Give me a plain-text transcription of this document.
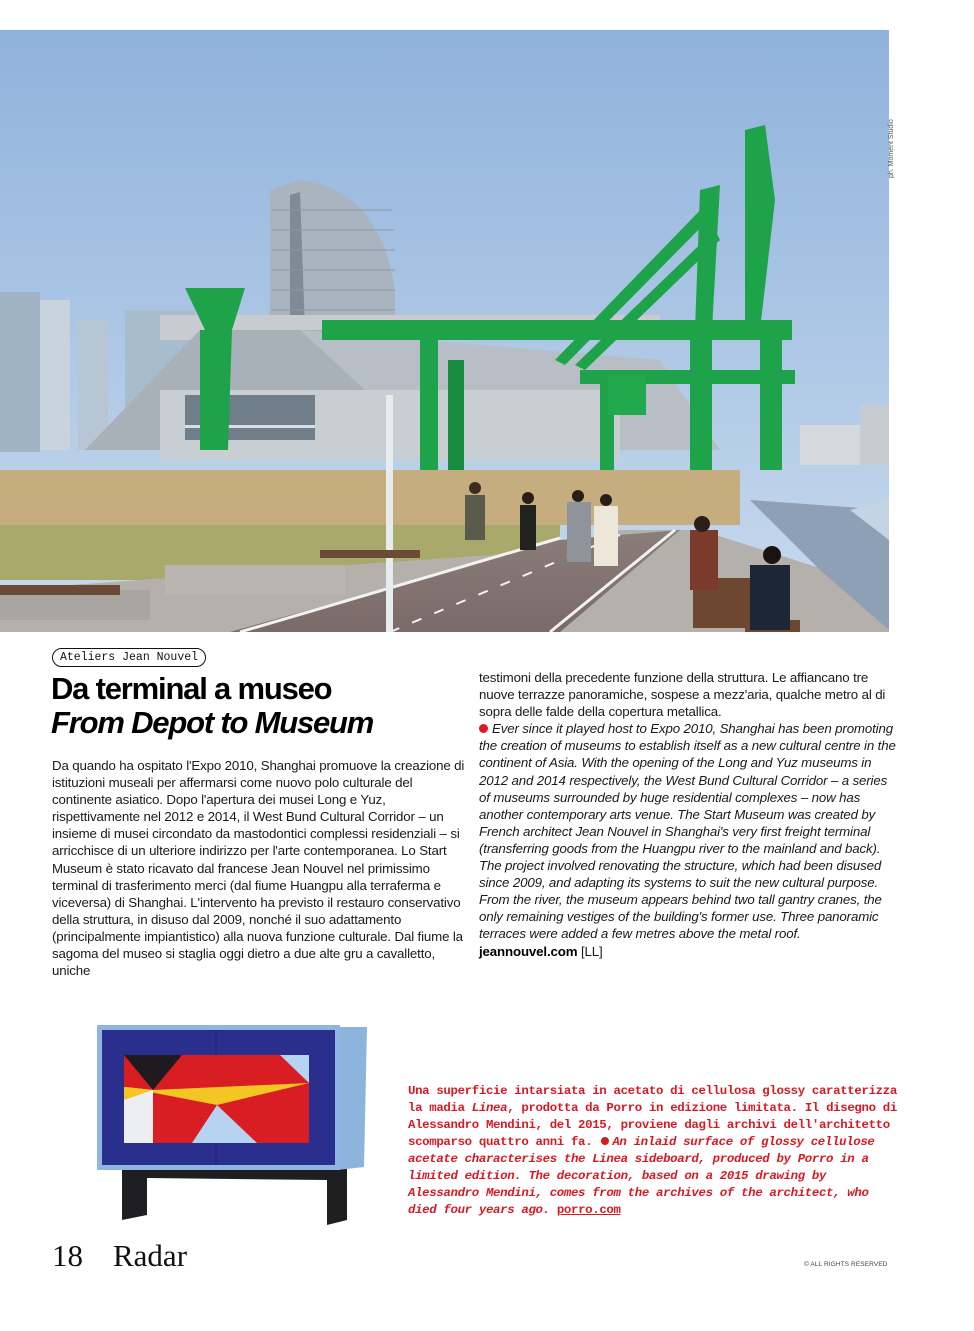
ph. Moment Studio
Ateliers Jean Nouvel
Da terminal a museo
From Depot to Museum

Da quando ha ospitato l'Expo 2010, Shanghai promuove la creazione di istituzioni museali per affermarsi come nuovo polo culturale del continente asiatico. Dopo l'apertura dei musei Long e Yuz, rispettivamente nel 2012 e 2014, il West Bund Cultural Corridor – un insieme di musei circondato da mastodontici complessi residenziali – si arricchisce di un ulteriore indirizzo per l'arte contemporanea. Lo Start Museum è stato ricavato dal francese Jean Nouvel nel primissimo terminal di trasferimento merci (dal fiume Huangpu alla terraferma e viceversa) di Shanghai. L'intervento ha previsto il restauro conservativo della struttura, in disuso dal 2009, nonché il suo adattamento (principalmente impiantistico) alla nuova funzione culturale. Dal fiume la sagoma del museo si staglia oggi dietro a due alte gru a cavalletto, uniche

testimoni della precedente funzione della struttura. Le affiancano tre nuove terrazze panoramiche, sospese a mezz'aria, qualche metro al di sopra delle falde della copertura metallica.

Ever since it played host to Expo 2010, Shanghai has been promoting the creation of museums to establish itself as a new cultural centre in the continent of Asia. With the opening of the Long and Yuz museums in 2012 and 2014 respectively, the West Bund Cultural Corridor – a series of museums surrounded by huge residential complexes – now has another contemporary arts venue. The Start Museum was created by French architect Jean Nouvel in Shanghai's very first freight terminal (transferring goods from the Huangpu river to the mainland and back). The project involved renovating the structure, which had been disused since 2009, and adapting its systems to suit the new cultural purpose. From the river, the museum appears behind two tall gantry cranes, the only remaining vestiges of the building's former use. Three panoramic terraces were added a few metres above the metal roof. jeannouvel.com [LL]

Una superficie intarsiata in acetato di cellulosa glossy caratterizza la madia Linea, prodotta da Porro in edizione limitata. Il disegno di Alessandro Mendini, del 2015, proviene dagli archivi dell'architetto scomparso quattro anni fa. An inlaid surface of glossy cellulose acetate characterises the Linea sideboard, produced by Porro in a limited edition. The decoration, based on a 2015 drawing by Alessandro Mendini, comes from the archives of the architect, who died four years ago. porro.com

18 Radar	© ALL RIGHTS RESERVED
